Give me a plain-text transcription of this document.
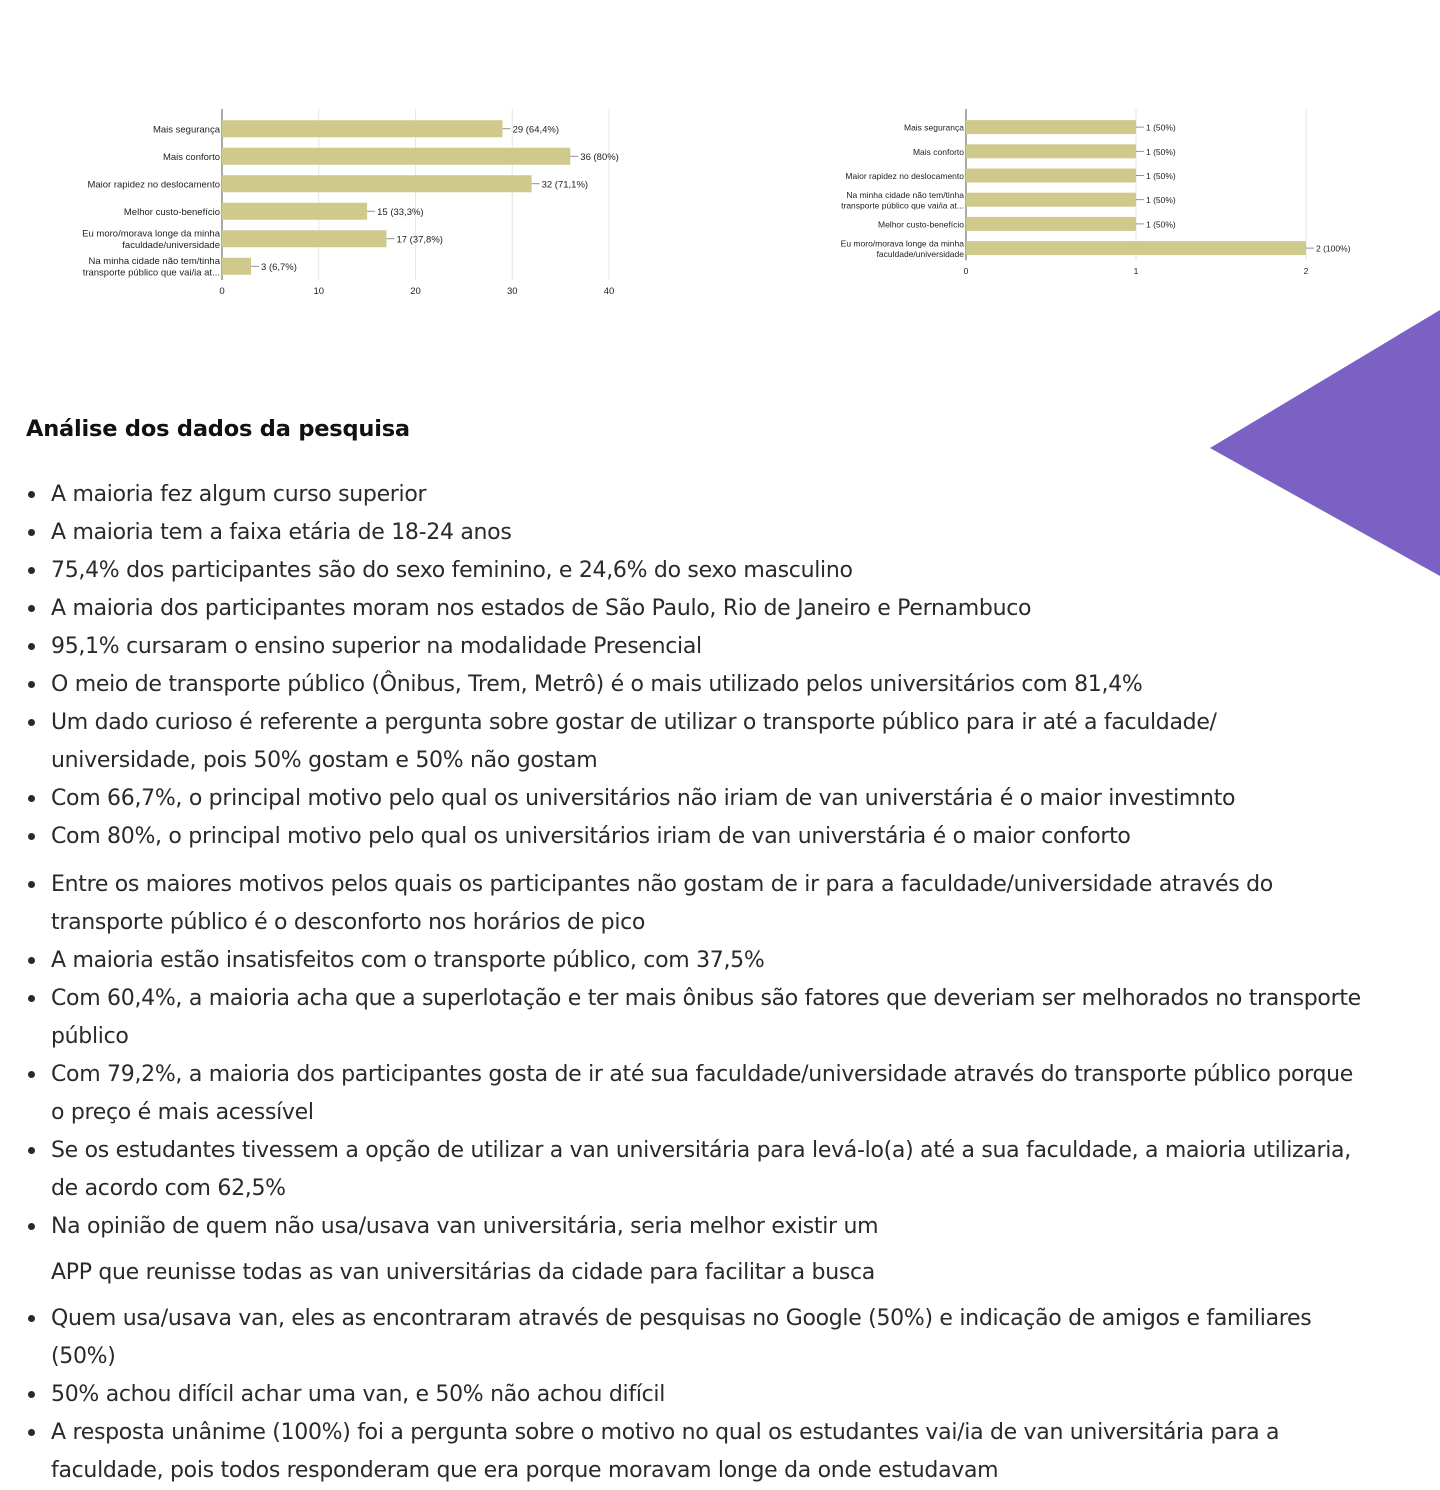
0	10	20	30	40
29 (64,4%)
Mais segurança
36 (80%)
Mais conforto
32 (71,1%)
Maior rapidez no deslocamento
15 (33,3%)
Melhor custo-benefício
17 (37,8%)
Eu moro/morava longe da minha
faculdade/universidade
3 (6,7%)
Na minha cidade não tem/tinha
transporte público que vai/ia at...	0	1	2
1 (50%)
Mais segurança
1 (50%)
Mais conforto
1 (50%)
Maior rapidez no deslocamento
1 (50%)
Na minha cidade não tem/tinha
transporte público que vai/ia at...
1 (50%)
Melhor custo-benefício
2 (100%)
Eu moro/morava longe da minha
faculdade/universidade
Análise dos dados da pesquisa
A maioria fez algum curso superior
A maioria tem a faixa etária de 18-24 anos
75,4% dos participantes são do sexo feminino, e 24,6% do sexo masculino
A maioria dos participantes moram nos estados de São Paulo, Rio de Janeiro e Pernambuco
95,1% cursaram o ensino superior na modalidade Presencial
O meio de transporte público (Ônibus, Trem, Metrô) é o mais utilizado pelos universitários com 81,4%
Um dado curioso é referente a pergunta sobre gostar de utilizar o transporte público para ir até a faculdade/ universidade, pois 50% gostam e 50% não gostam
Com 66,7%, o principal motivo pelo qual os universitários não iriam de van universtária é o maior investimnto
Com 80%, o principal motivo pelo qual os universitários iriam de van universtária é o maior conforto
Entre os maiores motivos pelos quais os participantes não gostam de ir para a faculdade/universidade através do transporte público é o desconforto nos horários de pico
A maioria estão insatisfeitos com o transporte público, com 37,5%
Com 60,4%, a maioria acha que a superlotação e ter mais ônibus são fatores que deveriam ser melhorados no transporte público
Com 79,2%, a maioria dos participantes gosta de ir até sua faculdade/universidade através do transporte público porque o preço é mais acessível
Se os estudantes tivessem a opção de utilizar a van universitária para levá-lo(a) até a sua faculdade, a maioria utilizaria, de acordo com 62,5%
Na opinião de quem não usa/usava van universitária, seria melhor existir um
APP que reunisse todas as van universitárias da cidade para facilitar a busca
Quem usa/usava van, eles as encontraram através de pesquisas no Google (50%) e indicação de amigos e familiares (50%)
50% achou difícil achar uma van, e 50% não achou difícil
A resposta unânime (100%) foi a pergunta sobre o motivo no qual os estudantes vai/ia de van universitária para a faculdade, pois todos responderam que era porque moravam longe da onde estudavam
